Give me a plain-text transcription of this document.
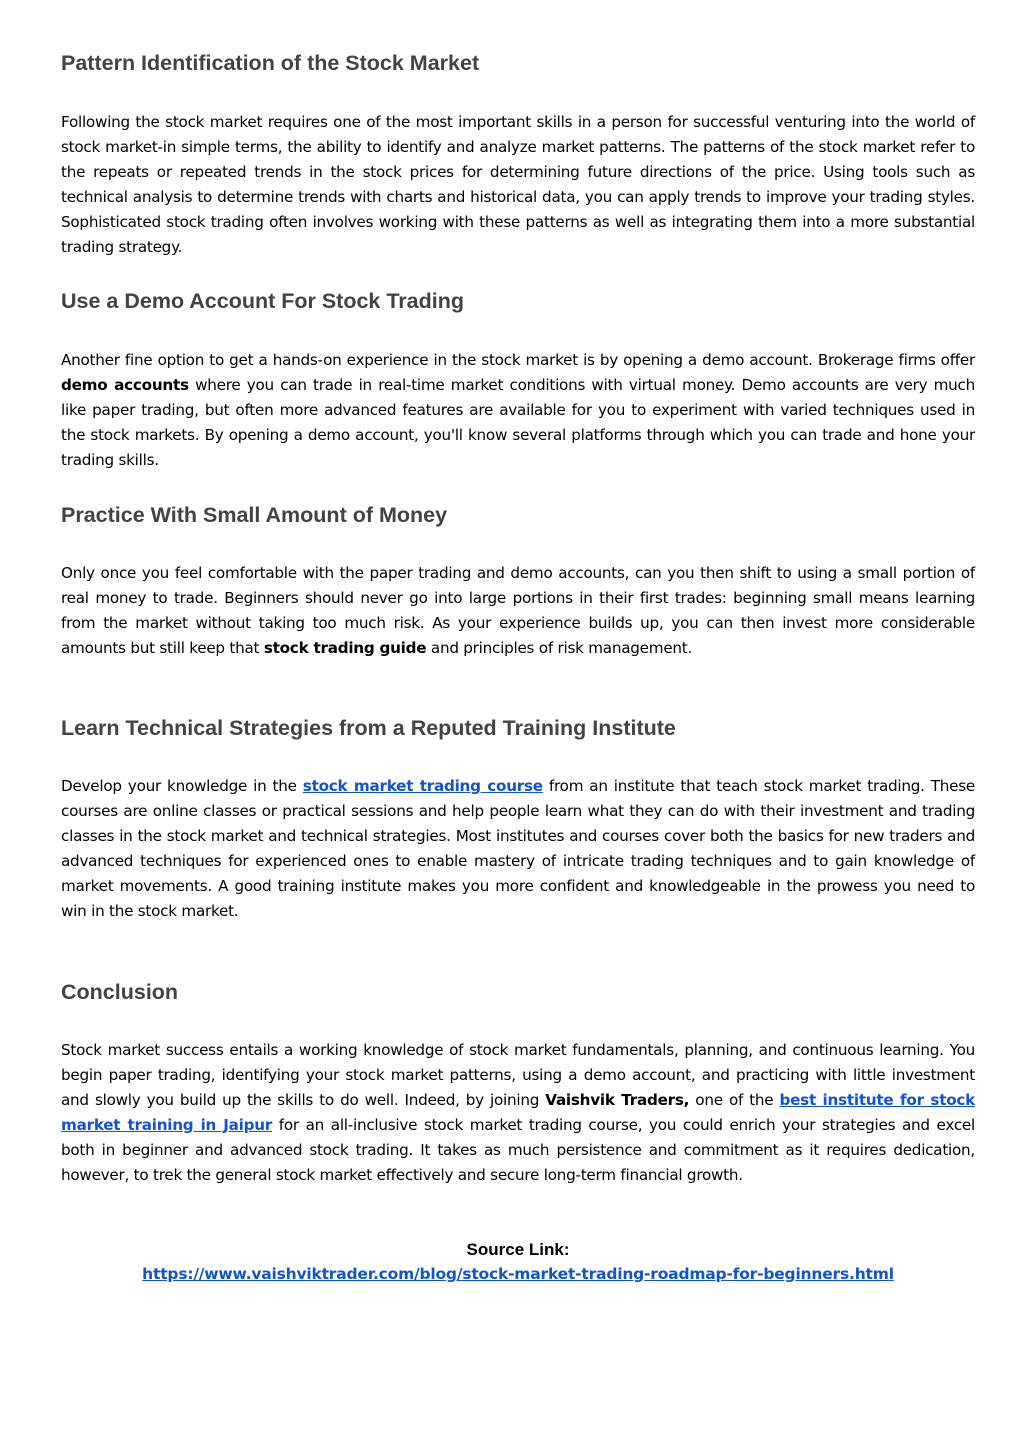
Pattern Identification of the Stock Market

Following the stock market requires one of the most important skills in a person for successful venturing into the world of stock market-in simple terms, the ability to identify and analyze market patterns. The patterns of the stock market refer to the repeats or repeated trends in the stock prices for determining future directions of the price. Using tools such as technical analysis to determine trends with charts and historical data, you can apply trends to improve your trading styles. Sophisticated stock trading often involves working with these patterns as well as integrating them into a more substantial trading strategy.

Use a Demo Account For Stock Trading

Another fine option to get a hands-on experience in the stock market is by opening a demo account. Brokerage firms offer demo accounts where you can trade in real-time market conditions with virtual money. Demo accounts are very much like paper trading, but often more advanced features are available for you to experiment with varied techniques used in the stock markets. By opening a demo account, you'll know several platforms through which you can trade and hone your trading skills.

Practice With Small Amount of Money

Only once you feel comfortable with the paper trading and demo accounts, can you then shift to using a small portion of real money to trade. Beginners should never go into large portions in their first trades: beginning small means learning from the market without taking too much risk. As your experience builds up, you can then invest more considerable amounts but still keep that stock trading guide and principles of risk management.

Learn Technical Strategies from a Reputed Training Institute

Develop your knowledge in the stock market trading course from an institute that teach stock market trading. These courses are online classes or practical sessions and help people learn what they can do with their investment and trading classes in the stock market and technical strategies. Most institutes and courses cover both the basics for new traders and advanced techniques for experienced ones to enable mastery of intricate trading techniques and to gain knowledge of market movements. A good training institute makes you more confident and knowledgeable in the prowess you need to win in the stock market.

Conclusion

Stock market success entails a working knowledge of stock market fundamentals, planning, and continuous learning. You begin paper trading, identifying your stock market patterns, using a demo account, and practicing with little investment and slowly you build up the skills to do well. Indeed, by joining Vaishvik Traders, one of the best institute for stock market training in Jaipur for an all-inclusive stock market trading course, you could enrich your strategies and excel both in beginner and advanced stock trading. It takes as much persistence and commitment as it requires dedication, however, to trek the general stock market effectively and secure long-term financial growth.

Source Link:
https://www.vaishviktrader.com/blog/stock-market-trading-roadmap-for-beginners.html
